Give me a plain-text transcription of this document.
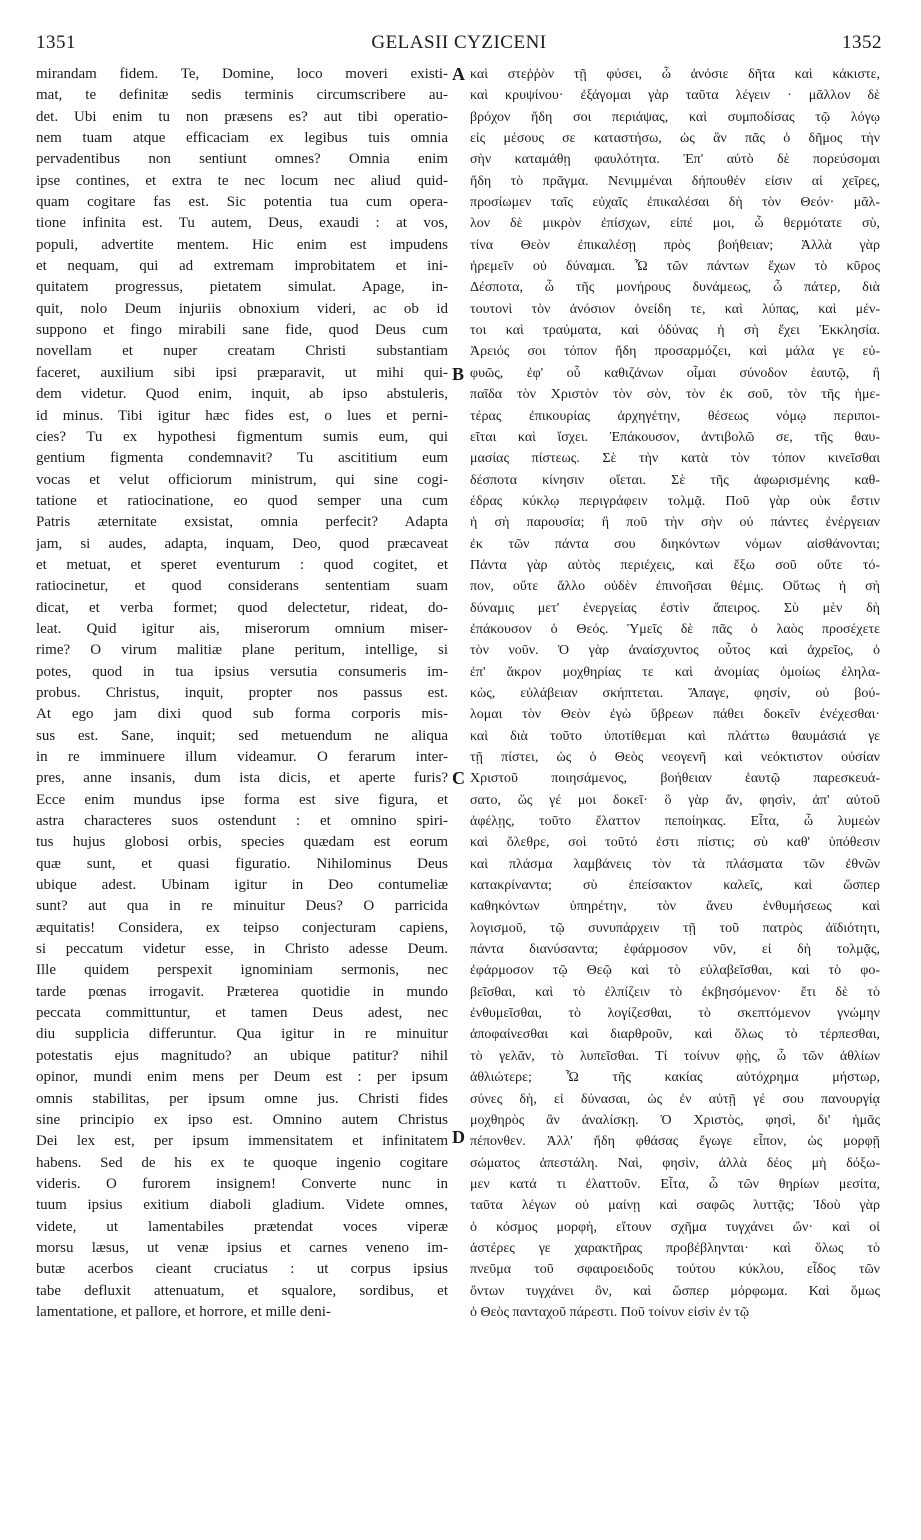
1351	GELASII CYZICENI	1352
mirandam fidem. Te, Domine, loco moveri existi-
mat, te definitæ sedis terminis circumscribere au-
det. Ubi enim tu non præsens es? aut tibi operatio-
nem tuam atque efficaciam ex legibus tuis omnia
pervadentibus non sentiunt omnes? Omnia enim
ipse contines, et extra te nec locum nec aliud quid-
quam cogitare fas est. Sic potentia tua cum opera-
tione infinita est. Tu autem, Deus, exaudi : at vos,
populi, advertite mentem. Hic enim est impudens
et nequam, qui ad extremam improbitatem et ini-
quitatem progressus, pietatem simulat. Apage, in-
quit, nolo Deum injuriis obnoxium videri, ac ob id
suppono et fingo mirabili sane fide, quod Deus cum
novellam et nuper creatam Christi substantiam
faceret, auxilium sibi ipsi præparavit, ut mihi qui-
dem videtur. Quod enim, inquit, ab ipso abstuleris,
id minus. Tibi igitur hæc fides est, o lues et perni-
cies? Tu ex hypothesi figmentum sumis eum, qui
gentium figmenta condemnavit? Tu ascititium eum
vocas et velut officiorum ministrum, qui sine cogi-
tatione et ratiocinatione, eo quod semper una cum
Patris æternitate exsistat, omnia perfecit? Adapta
jam, si audes, adapta, inquam, Deo, quod præcaveat
et metuat, et speret eventurum : quod cogitet, et
ratiocinetur, et quod considerans sententiam suam
dicat, et verba formet; quod delectetur, rideat, do-
leat. Quid igitur ais, miserorum omnium miser-
rime? O virum malitiæ plane peritum, intellige, si
potes, quod in tua ipsius versutia consumeris im-
probus. Christus, inquit, propter nos passus est.
At ego jam dixi quod sub forma corporis mis-
sus est. Sane, inquit; sed metuendum ne aliqua
in re imminuere illum videamur. O ferarum inter-
pres, anne insanis, dum ista dicis, et aperte furis?
Ecce enim mundus ipse forma est sive figura, et
astra characteres suos ostendunt : et omnino spiri-
tus hujus globosi orbis, species quædam est eorum
quæ sunt, et quasi figuratio. Nihilominus Deus
ubique adest. Ubinam igitur in Deo contumeliæ
sunt? aut qua in re minuitur Deus? O parricida
æquitatis! Considera, ex teipso conjecturam capiens,
si peccatum videtur esse, in Christo adesse Deum.
Ille quidem perspexit ignominiam sermonis, nec
tarde pœnas irrogavit. Præterea quotidie in mundo
peccata committuntur, et tamen Deus adest, nec
diu supplicia differuntur. Qua igitur in re minuitur
potestatis ejus magnitudo? an ubique patitur? nihil
opinor, mundi enim mens per Deum est : per ipsum
omnis stabilitas, per ipsum omne jus. Christi fides
sine principio ex ipso est. Omnino autem Christus
Dei lex est, per ipsum immensitatem et infinitatem
habens. Sed de his ex te quoque ingenio cogitare
videris. O furorem insignem! Converte nunc in
tuum ipsius exitium diaboli gladium. Videte omnes,
videte, ut lamentabiles prætendat voces viperæ
morsu læsus, ut venæ ipsius et carnes veneno im-
butæ acerbos cieant cruciatus : ut corpus ipsius
tabe defluxit attenuatum, et squalore, sordibus, et
lamentatione, et pallore, et horrore, et mille deni-
καὶ στεῤῥὸν τῇ φύσει, ὦ ἀνόσιε δῆτα καὶ κάκιστε,
καὶ κρυψίνου· ἐξάγομαι γὰρ ταῦτα λέγειν · μᾶλλον δὲ
βρόχον ἤδη σοι περιάψας, καὶ συμποδίσας τῷ λόγῳ
εἰς μέσους σε καταστήσω, ὡς ἂν πᾶς ὁ δῆμος τὴν
σὴν καταμάθῃ φαυλότητα. Ἐπ' αὐτὸ δὲ πορεύσομαι
ἤδη τὸ πρᾶγμα. Νενιμμέναι δήπουθέν εἰσιν αἱ χεῖρες,
προσίωμεν ταῖς εὐχαῖς ἐπικαλέσαι δὴ τὸν Θεόν· μᾶλ-
λον δὲ μικρὸν ἐπίσχων, εἰπέ μοι, ὦ θερμότατε σὺ,
τίνα Θεὸν ἐπικαλέσῃ πρὸς βοήθειαν; Ἀλλὰ γὰρ
ἠρεμεῖν οὐ δύναμαι. Ὦ τῶν πάντων ἔχων τὸ κῦρος
Δέσποτα, ὦ τῆς μονήρους δυνάμεως, ὦ πάτερ, διὰ
τουτονὶ τὸν ἀνόσιον ὀνείδη τε, καὶ λύπας, καὶ μέν-
τοι καὶ τραύματα, καὶ ὀδύνας ἡ σὴ ἔχει Ἐκκλησία.
Ἀρειός σοι τόπον ἤδη προσαρμόζει, καὶ μάλα γε εὐ-
φυῶς, ἐφ' οὗ καθιζάνων οἶμαι σύνοδον ἑαυτῷ, ἢ
παῖδα τὸν Χριστὸν τὸν σὸν, τὸν ἐκ σοῦ, τὸν τῆς ἡμε-
τέρας ἐπικουρίας ἀρχηγέτην, θέσεως νόμῳ περιποι-
εῖται καὶ ἴσχει. Ἐπάκουσον, ἀντιβολῶ σε, τῆς θαυ-
μασίας πίστεως. Σὲ τὴν κατὰ τὸν τόπον κινεῖσθαι
δέσποτα κίνησιν οἴεται. Σὲ τῆς ἀφωρισμένης καθ-
έδρας κύκλῳ περιγράφειν τολμᾷ. Ποῦ γὰρ οὐκ ἔστιν
ἡ σὴ παρουσία; ἢ ποῦ τὴν σὴν οὐ πάντες ἐνέργειαν
ἐκ τῶν πάντα σου διηκόντων νόμων αἰσθάνονται;
Πάντα γὰρ αὐτὸς περιέχεις, καὶ ἔξω σοῦ οὔτε τό-
πον, οὔτε ἄλλο οὐδὲν ἐπινοῆσαι θέμις. Οὕτως ἡ σὴ
δύναμις μετ' ἐνεργείας ἐστὶν ἄπειρος. Σὺ μὲν δὴ
ἐπάκουσον ὁ Θεός. Ὑμεῖς δὲ πᾶς ὁ λαὸς προσέχετε
τὸν νοῦν. Ὁ γὰρ ἀναίσχυντος οὗτος καὶ ἀχρεῖος, ὁ
ἐπ' ἄκρον μοχθηρίας τε καὶ ἀνομίας ὁμοίως ἐληλα-
κὼς, εὐλάβειαν σκήπτεται. Ἄπαγε, φησίν, οὐ βού-
λομαι τὸν Θεὸν ἐγὼ ὕβρεων πάθει δοκεῖν ἐνέχεσθαι·
καὶ διὰ τοῦτο ὑποτίθεμαι καὶ πλάττω θαυμάσιά γε
τῇ πίστει, ὡς ὁ Θεὸς νεογενῆ καὶ νεόκτιστον οὐσίαν
Χριστοῦ ποιησάμενος, βοήθειαν ἑαυτῷ παρεσκευά-
σατο, ὥς γέ μοι δοκεῖ· ὃ γὰρ ἄν, φησὶν, ἀπ' αὐτοῦ
ἀφέλῃς, τοῦτο ἔλαττον πεποίηκας. Εἶτα, ὦ λυμεὼν
καὶ ὄλεθρε, σοὶ τοῦτό ἐστι πίστις; σὺ καθ' ὑπόθεσιν
καὶ πλάσμα λαμβάνεις τὸν τὰ πλάσματα τῶν ἐθνῶν
κατακρίναντα; σὺ ἐπείσακτον καλεῖς, καὶ ὥσπερ
καθηκόντων ὑπηρέτην, τὸν ἄνευ ἐνθυμήσεως καὶ
λογισμοῦ, τῷ συνυπάρχειν τῇ τοῦ πατρὸς ἀϊδιότητι,
πάντα διανύσαντα; ἐφάρμοσον νῦν, εἰ δὴ τολμᾷς,
ἐφάρμοσον τῷ Θεῷ καὶ τὸ εὐλαβεῖσθαι, καὶ τὸ φο-
βεῖσθαι, καὶ τὸ ἐλπίζειν τὸ ἐκβησόμενον· ἔτι δὲ τὸ
ἐνθυμεῖσθαι, τὸ λογίζεσθαι, τὸ σκεπτόμενον γνώμην
ἀποφαίνεσθαι καὶ διαρθροῦν, καὶ ὅλως τὸ τέρπεσθαι,
τὸ γελᾶν, τὸ λυπεῖσθαι. Τί τοίνυν φῂς, ὦ τῶν ἀθλίων
ἀθλιώτερε; Ὦ τῆς κακίας αὐτόχρημα μήστωρ,
σύνες δὴ, εἰ δύνασαι, ὡς ἐν αὐτῇ γέ σου πανουργίᾳ
μοχθηρὸς ἂν ἀναλίσκῃ. Ὁ Χριστὸς, φησὶ, δι' ἡμᾶς
πέπονθεν. Ἀλλ' ἤδη φθάσας ἔγωγε εἶπον, ὡς μορφῇ
σώματος ἀπεστάλη. Ναὶ, φησὶν, ἀλλὰ δέος μὴ δόξω-
μεν κατά τι ἐλαττοῦν. Εἶτα, ὦ τῶν θηρίων μεσίτα,
ταῦτα λέγων οὐ μαίνῃ καὶ σαφῶς λυττᾷς; Ἰδοὺ γὰρ
ὁ κόσμος μορφὴ, εἴτουν σχῆμα τυγχάνει ὤν· καὶ οἱ
ἀστέρες γε χαρακτῆρας προβέβληνται· καὶ ὅλως τὸ
πνεῦμα τοῦ σφαιροειδοῦς τούτου κύκλου, εἶδος τῶν
ὄντων τυγχάνει ὂν, καὶ ὥσπερ μόρφωμα. Καὶ ὅμως
ὁ Θεὸς πανταχοῦ πάρεστι. Ποῦ τοίνυν εἰσὶν ἐν τῷ
A
B
C
D
